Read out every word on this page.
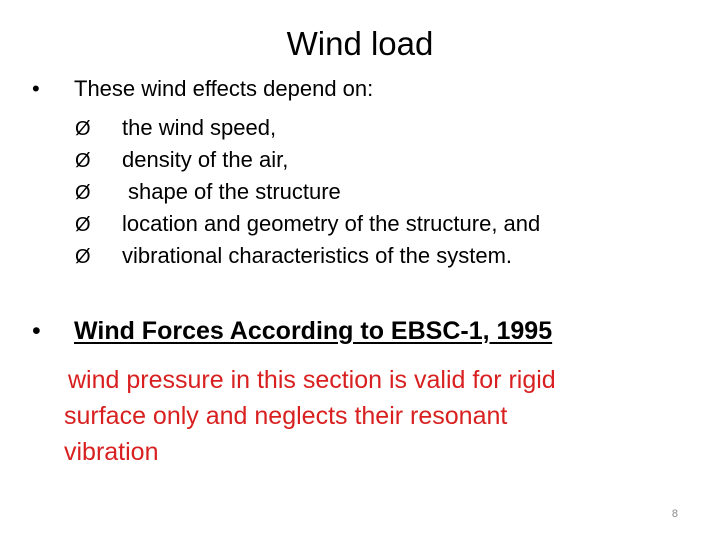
Wind load
•	These wind effects depend on:
Ø	the wind speed,
Ø	density of the air,
Ø	shape of the structure
Ø	location and geometry of the structure, and
Ø	vibrational characteristics of the system.
•	Wind Forces According to EBSC-1, 1995
wind pressure in this section is valid for rigid
surface only and neglects their resonant
vibration
8
